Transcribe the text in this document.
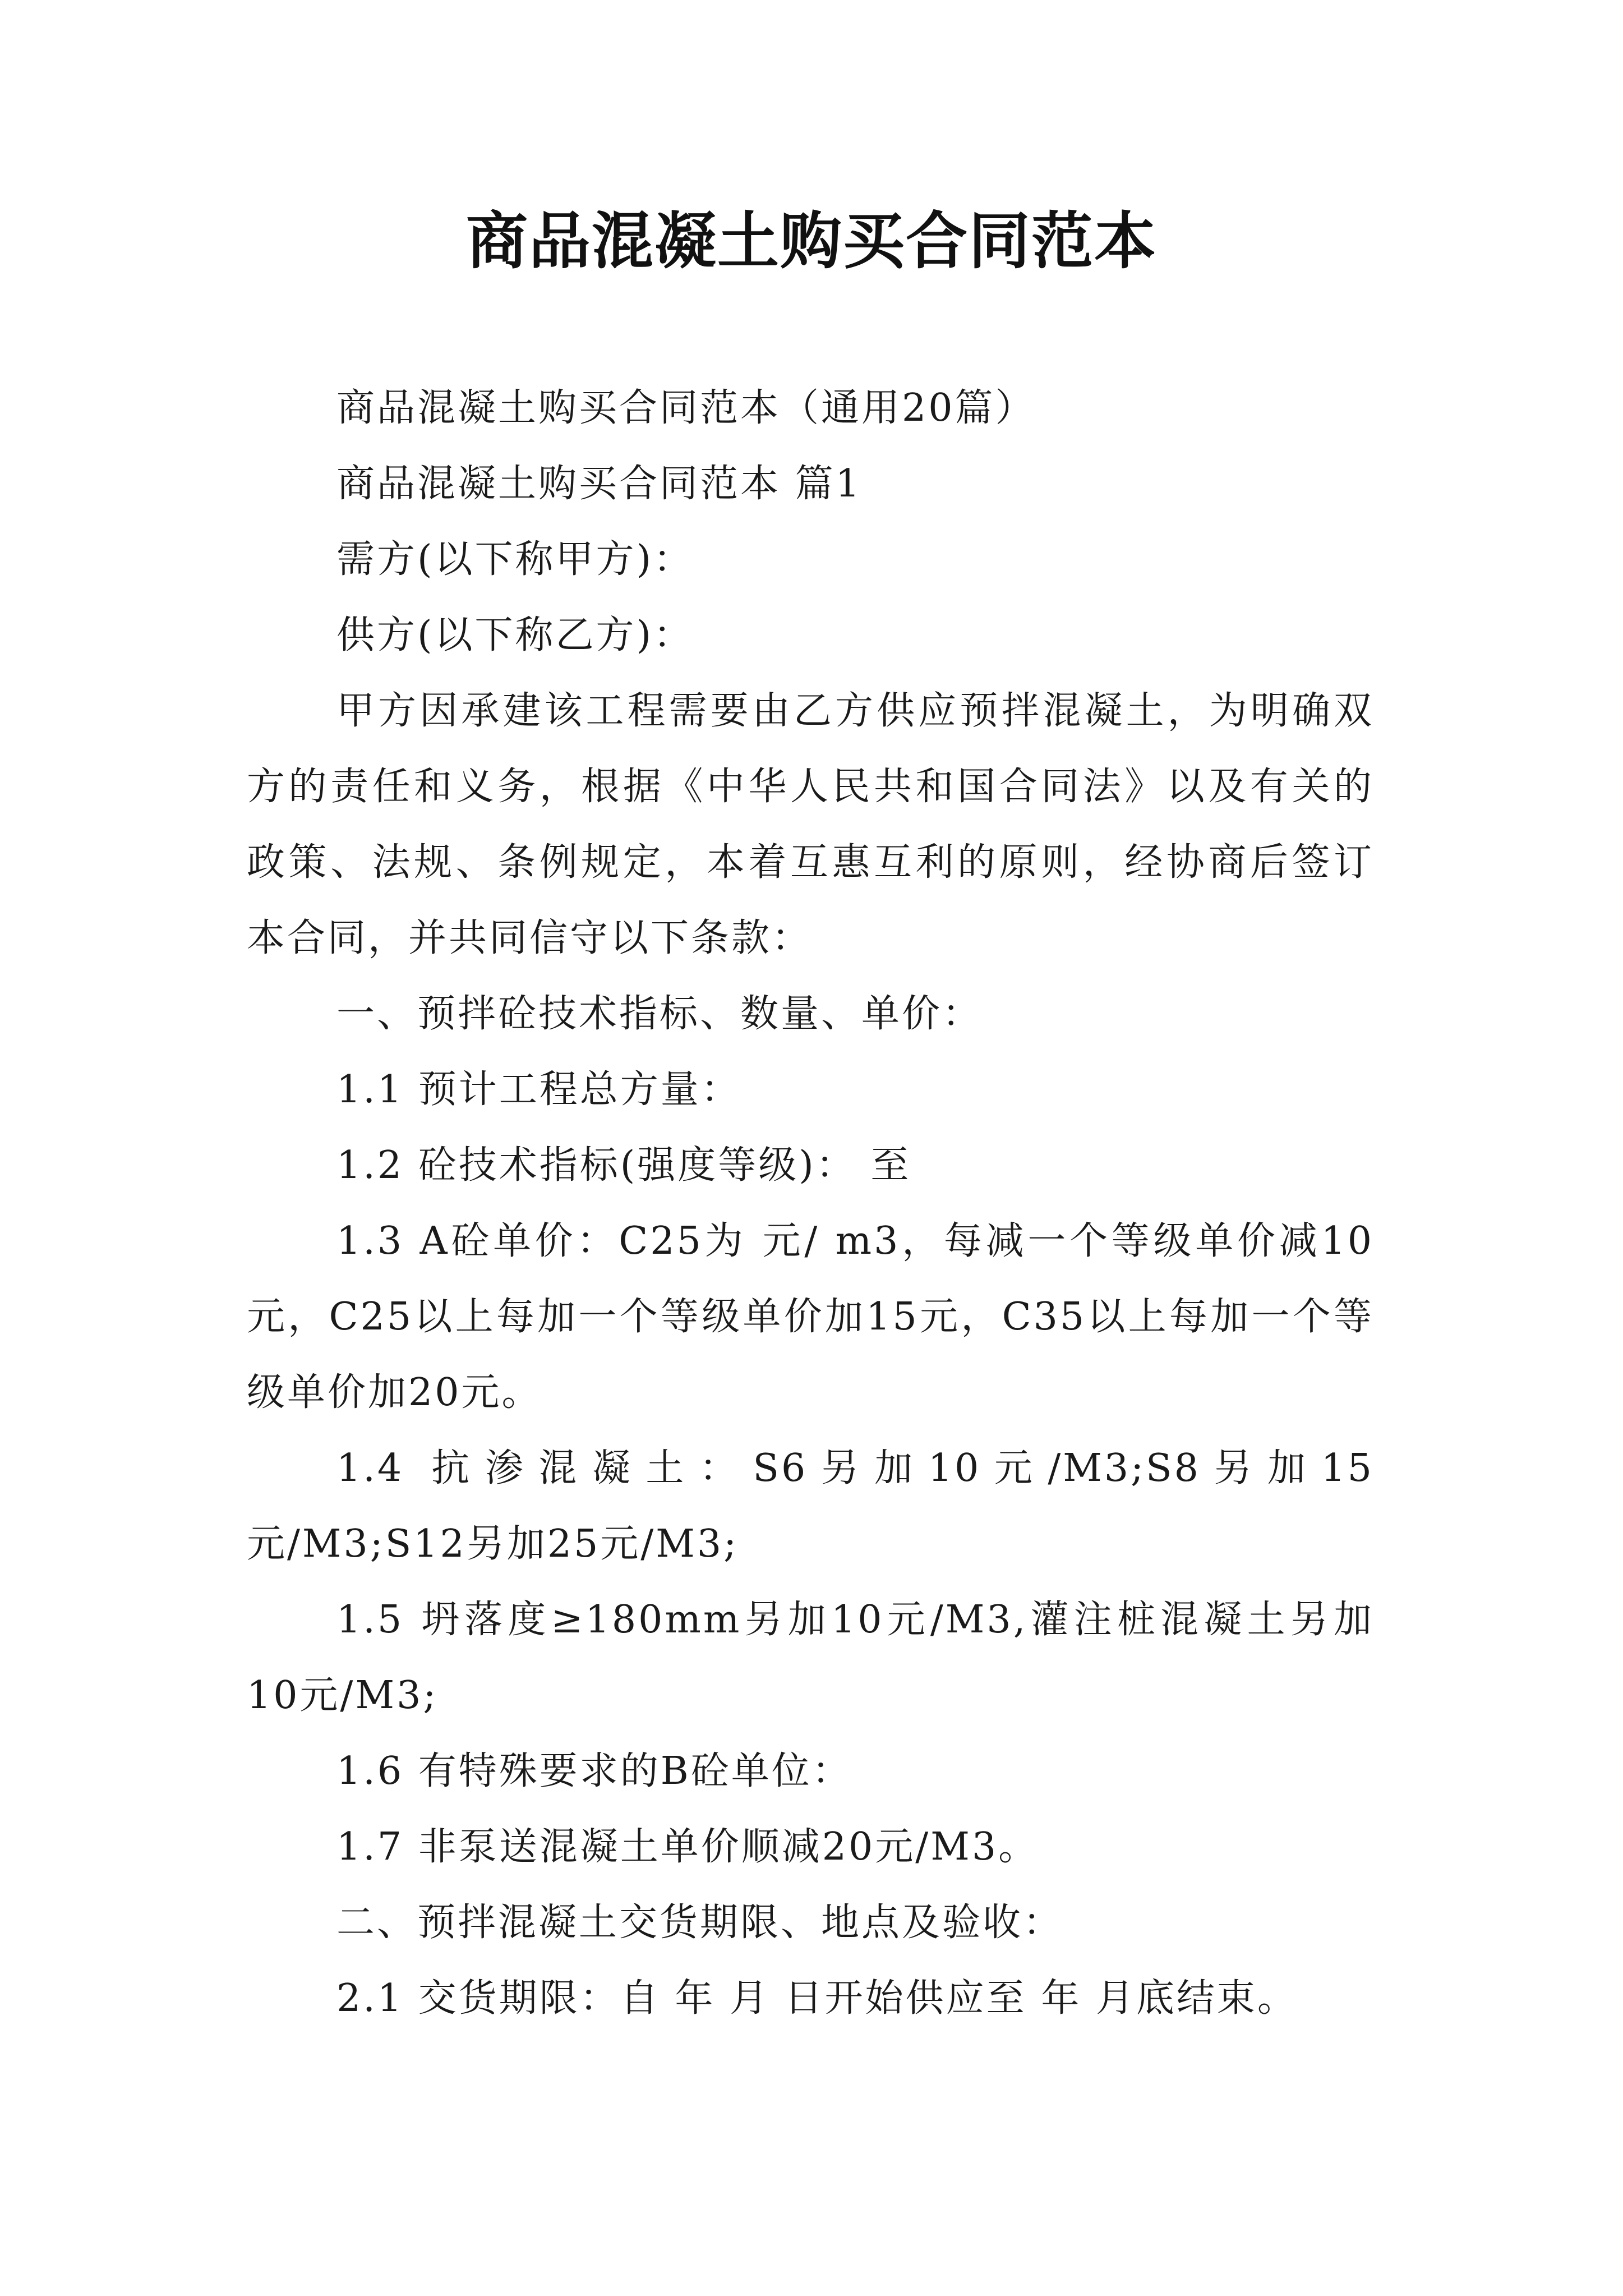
商品混凝土购买合同范本

商品混凝土购买合同范本（通用20篇）

商品混凝土购买合同范本 篇1

需方(以下称甲方)：

供方(以下称乙方)：

甲方因承建该工程需要由乙方供应预拌混凝土，为明确双方的责任和义务，根据《中华人民共和国合同法》以及有关的政策、法规、条例规定，本着互惠互利的原则，经协商后签订本合同，并共同信守以下条款：

一、预拌砼技术指标、数量、单价：

1.1 预计工程总方量：

1.2 砼技术指标(强度等级)： 至

1.3 A砼单价：C25为 元/ m3，每减一个等级单价减10元，C25以上每加一个等级单价加15元，C35以上每加一个等级单价加20元。

1.4 抗渗混凝土：S6另加10元/M3;S8另加15元/M3;S12另加25元/M3;

1.5 坍落度≥180mm另加10元/M3,灌注桩混凝土另加10元/M3;

1.6 有特殊要求的B砼单位：

1.7 非泵送混凝土单价顺减20元/M3。

二、预拌混凝土交货期限、地点及验收：

2.1 交货期限：自 年 月 日开始供应至 年 月底结束。
